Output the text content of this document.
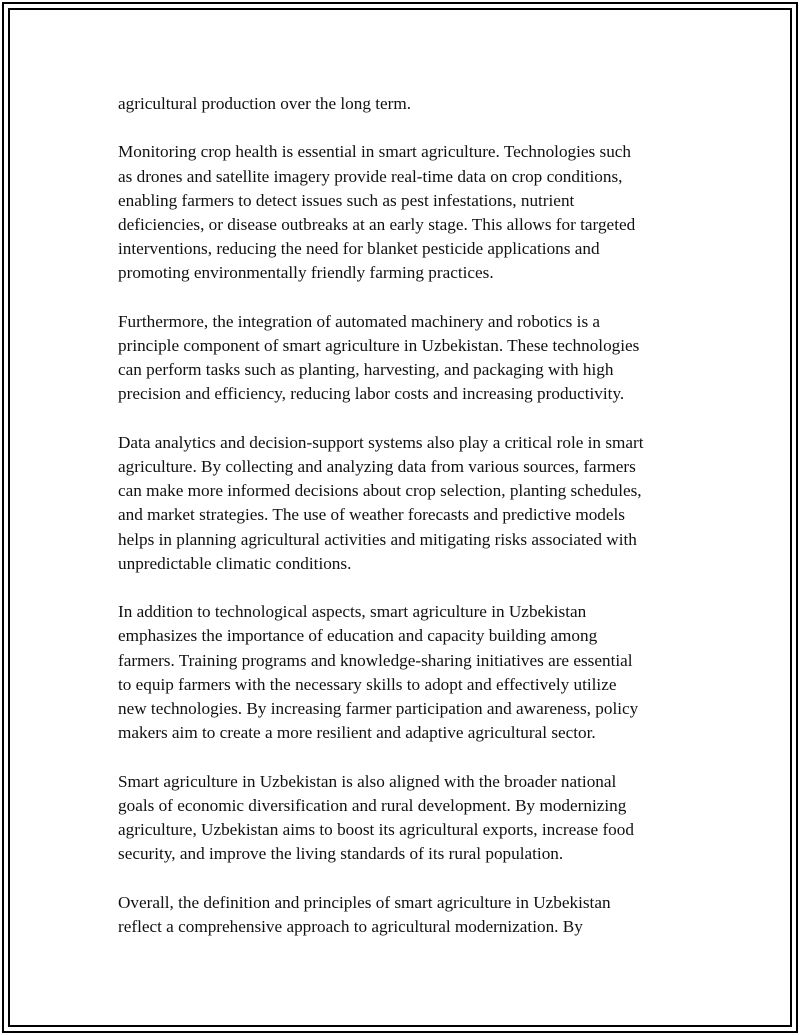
agricultural production over the long term.

Monitoring crop health is essential in smart agriculture. Technologies such
as drones and satellite imagery provide real-time data on crop conditions,
enabling farmers to detect issues such as pest infestations, nutrient
deficiencies, or disease outbreaks at an early stage. This allows for targeted
interventions, reducing the need for blanket pesticide applications and
promoting environmentally friendly farming practices.

Furthermore, the integration of automated machinery and robotics is a
principle component of smart agriculture in Uzbekistan. These technologies
can perform tasks such as planting, harvesting, and packaging with high
precision and efficiency, reducing labor costs and increasing productivity.

Data analytics and decision-support systems also play a critical role in smart
agriculture. By collecting and analyzing data from various sources, farmers
can make more informed decisions about crop selection, planting schedules,
and market strategies. The use of weather forecasts and predictive models
helps in planning agricultural activities and mitigating risks associated with
unpredictable climatic conditions.

In addition to technological aspects, smart agriculture in Uzbekistan
emphasizes the importance of education and capacity building among
farmers. Training programs and knowledge-sharing initiatives are essential
to equip farmers with the necessary skills to adopt and effectively utilize
new technologies. By increasing farmer participation and awareness, policy
makers aim to create a more resilient and adaptive agricultural sector.

Smart agriculture in Uzbekistan is also aligned with the broader national
goals of economic diversification and rural development. By modernizing
agriculture, Uzbekistan aims to boost its agricultural exports, increase food
security, and improve the living standards of its rural population.

Overall, the definition and principles of smart agriculture in Uzbekistan
reflect a comprehensive approach to agricultural modernization. By
